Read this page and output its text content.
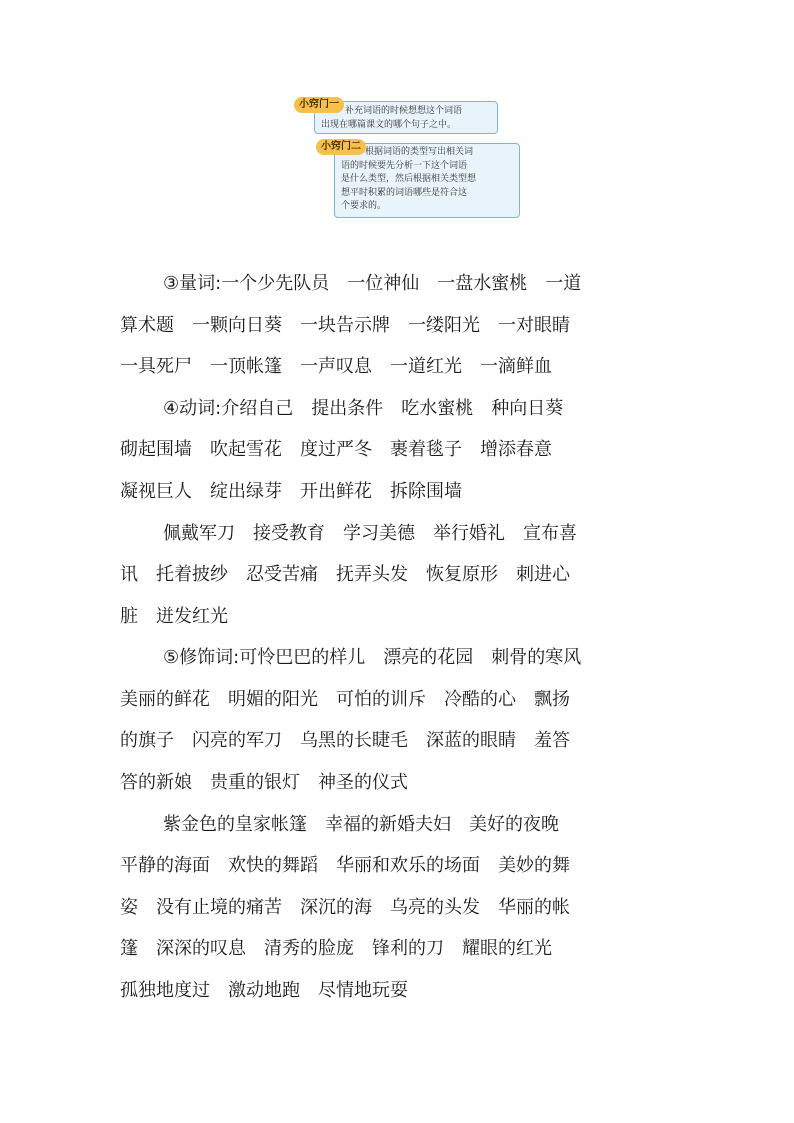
补充词语的时候想想这个词语
出现在哪篇课文的哪个句子之中。
小窍门一
根据词语的类型写出相关词
语的时候要先分析一下这个词语
是什么类型，然后根据相关类型想
想平时积累的词语哪些是符合这
个要求的。
小窍门二
③量词:一个少先队员　一位神仙　一盘水蜜桃　一道
算术题　一颗向日葵　一块告示牌　一缕阳光　一对眼睛
一具死尸　一顶帐篷　一声叹息　一道红光　一滴鲜血
④动词:介绍自己　提出条件　吃水蜜桃　种向日葵
砌起围墙　吹起雪花　度过严冬　裹着毯子　增添春意
凝视巨人　绽出绿芽　开出鲜花　拆除围墙
佩戴军刀　接受教育　学习美德　举行婚礼　宣布喜
讯　托着披纱　忍受苦痛　抚弄头发　恢复原形　刺进心
脏　迸发红光
⑤修饰词:可怜巴巴的样儿　漂亮的花园　刺骨的寒风
美丽的鲜花　明媚的阳光　可怕的训斥　冷酷的心　飘扬
的旗子　闪亮的军刀　乌黑的长睫毛　深蓝的眼睛　羞答
答的新娘　贵重的银灯　神圣的仪式
紫金色的皇家帐篷　幸福的新婚夫妇　美好的夜晚
平静的海面　欢快的舞蹈　华丽和欢乐的场面　美妙的舞
姿　没有止境的痛苦　深沉的海　乌亮的头发　华丽的帐
篷　深深的叹息　清秀的脸庞　锋利的刀　耀眼的红光
孤独地度过　激动地跑　尽情地玩耍
